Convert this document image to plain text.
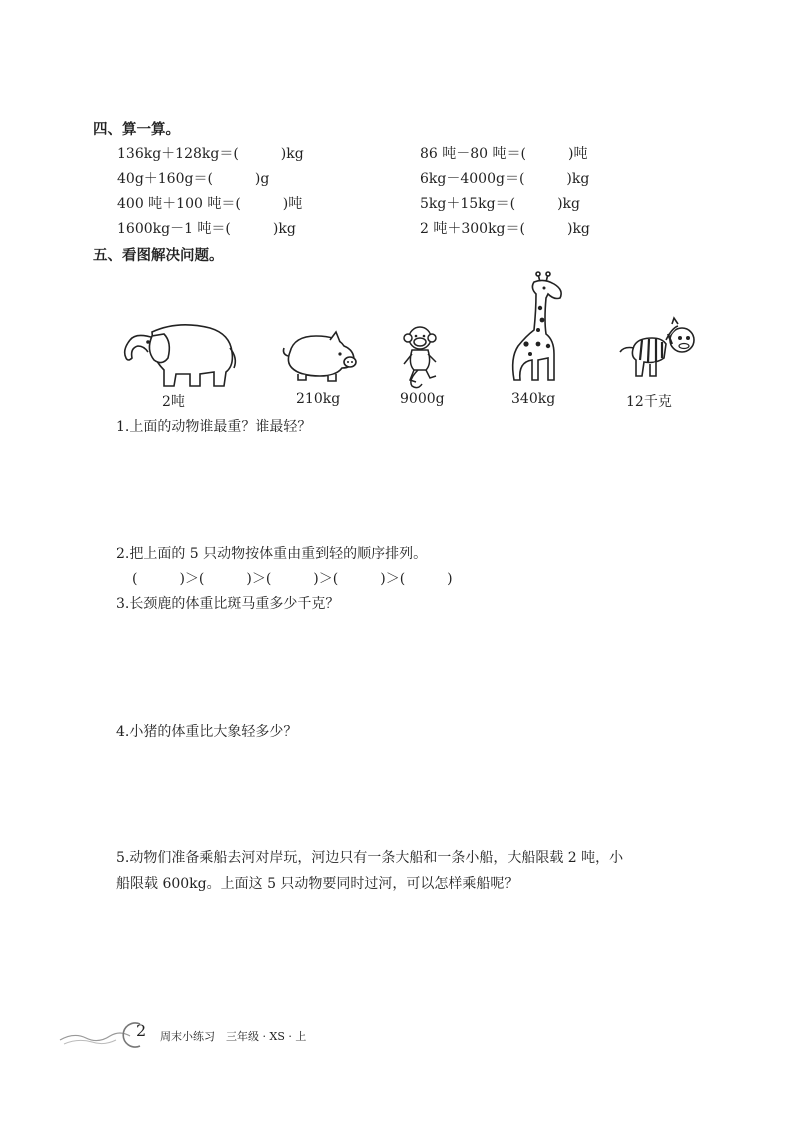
四、算一算。
136kg＋128kg＝(　　　)kg
40g＋160g＝(　　　)g
400 吨＋100 吨＝(　　　)吨
1600kg－1 吨＝(　　　)kg
86 吨－80 吨＝(　　　)吨
6kg－4000g＝(　　　)kg
5kg＋15kg＝(　　　)kg
2 吨＋300kg＝(　　　)kg
五、看图解决问题。
2吨	210kg	9000g	340kg	12千克
1.上面的动物谁最重？谁最轻？
2.把上面的 5 只动物按体重由重到轻的顺序排列。
(　　　)＞(　　　)＞(　　　)＞(　　　)＞(　　　)
3.长颈鹿的体重比斑马重多少千克？
4.小猪的体重比大象轻多少？
5.动物们准备乘船去河对岸玩，河边只有一条大船和一条小船，大船限载 2 吨，小
船限载 600kg。上面这 5 只动物要同时过河，可以怎样乘船呢？
2 周末小练习　三年级 · XS · 上
